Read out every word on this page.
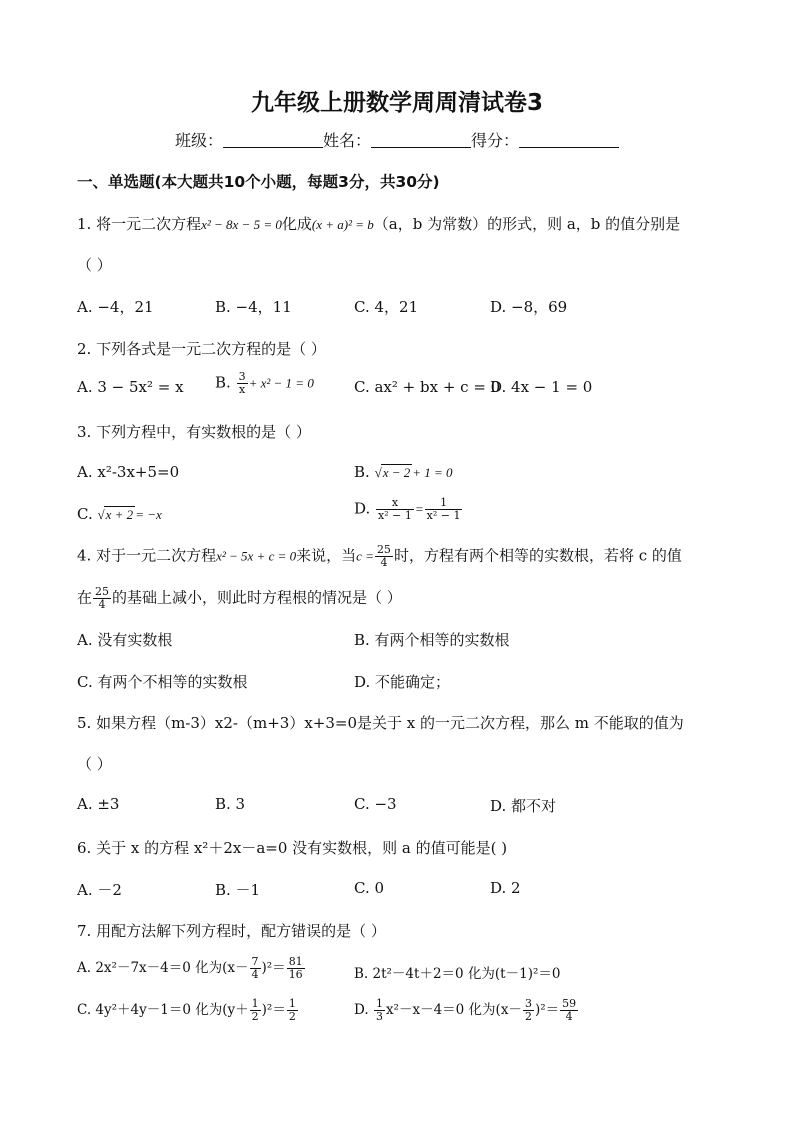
九年级上册数学周周清试卷3
班级：	姓名：	得分：
一、单选题(本大题共10个小题，每题3分，共30分)
1. 将一元二次方程x² − 8x − 5 = 0化成(x + a)² = b（a，b 为常数）的形式，则 a，b 的值分别是
（ ）
A. −4，21	B. −4，11	C. 4，21	D. −8，69
2. 下列各式是一元二次方程的是（ ）
A. 3 − 5x² = x B. $\frac{3}{x} + x^2 - 1 = 0$	C. ax² + bx + c = 0
D. 4x − 1 = 0
3. 下列方程中，有实数根的是（ ）
A. x²-3x+5=0	B. √x − 2 + 1 = 0
C. √x + 2 = −x	D. $\frac{x}{\text{x² − 1}} = \frac{1}{\text{x² − 1}}$
4. 对于一元二次方程x² − 5x + c = 0来说，当$c = \frac{25}{4}$ 时，方程有两个相等的实数根，若将 c 的值
在 $\frac{25}{4}$ 的基础上减小，则此时方程根的情况是（ ）
A. 没有实数根	B. 有两个相等的实数根
C. 有两个不相等的实数根	D. 不能确定；
5. 如果方程（m-3）x2-（m+3）x+3=0是关于 x 的一元二次方程，那么 m 不能取的值为
（ ）
A. ±3	B. 3	C. −3	D. 都不对
6. 关于 x 的方程 x²＋2x－a=0 没有实数根，则 a 的值可能是( )
A. －2	B. －1	C. 0	D. 2
7. 用配方法解下列方程时，配方错误的是（ ）
A. 2x²－7x－4＝0 化为$(x- \frac{7}{4} )^2= \frac{81}{16}$	B. 2t²－4t＋2＝0 化为(t－1)²＝0
C. 4y²＋4y－1＝0 化为$(y+ \frac{1}{2} )^2= \frac{1}{2}$	D. $\frac{1}{3} x^2-x-4=0$ 化为$(x- \frac{3}{2} )^2= \frac{59}{4}$
